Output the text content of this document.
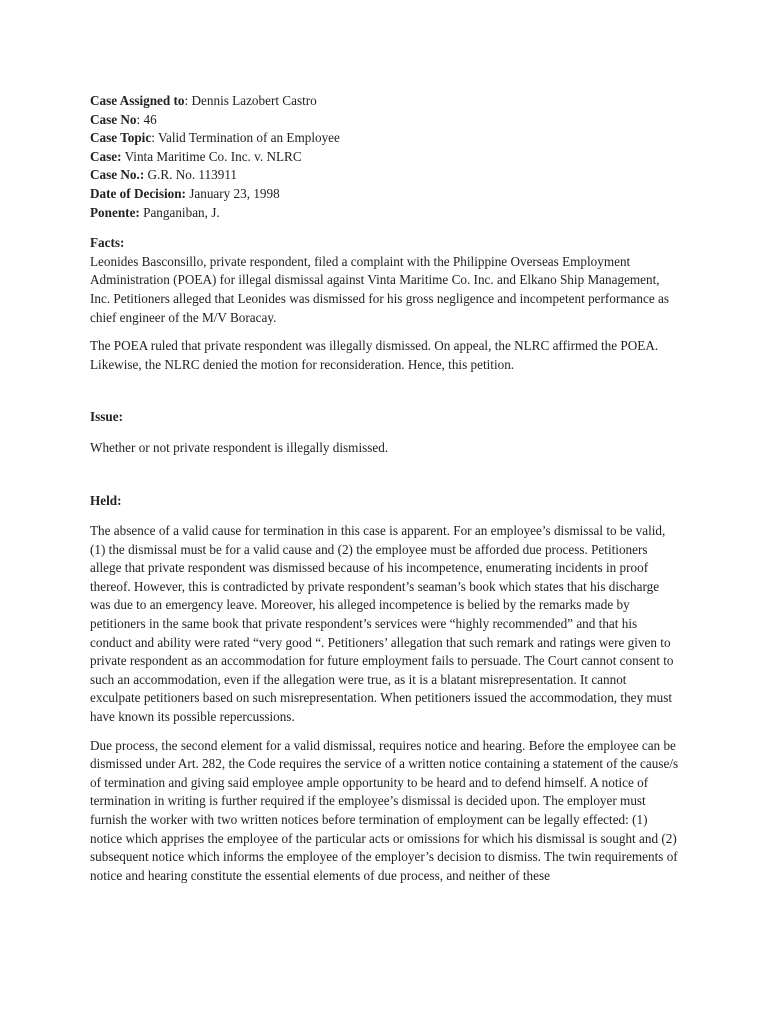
Case Assigned to: Dennis Lazobert Castro
Case No: 46
Case Topic: Valid Termination of an Employee
Case: Vinta Maritime Co. Inc. v. NLRC
Case No.: G.R. No. 113911
Date of Decision: January 23, 1998
Ponente: Panganiban, J.
Facts:

Leonides Basconsillo, private respondent, filed a complaint with the Philippine Overseas Employment Administration (POEA) for illegal dismissal against Vinta Maritime Co. Inc. and Elkano Ship Management, Inc. Petitioners alleged that Leonides was dismissed for his gross negligence and incompetent performance as chief engineer of the M/V Boracay.

The POEA ruled that private respondent was illegally dismissed. On appeal, the NLRC affirmed the POEA. Likewise, the NLRC denied the motion for reconsideration. Hence, this petition.

Issue:

Whether or not private respondent is illegally dismissed.

Held:

The absence of a valid cause for termination in this case is apparent. For an employee’s dismissal to be valid, (1) the dismissal must be for a valid cause and (2) the employee must be afforded due process. Petitioners allege that private respondent was dismissed because of his incompetence, enumerating incidents in proof thereof. However, this is contradicted by private respondent’s seaman’s book which states that his discharge was due to an emergency leave. Moreover, his alleged incompetence is belied by the remarks made by petitioners in the same book that private respondent’s services were “highly recommended” and that his conduct and ability were rated “very good “. Petitioners’ allegation that such remark and ratings were given to private respondent as an accommodation for future employment fails to persuade. The Court cannot consent to such an accommodation, even if the allegation were true, as it is a blatant misrepresentation. It cannot exculpate petitioners based on such misrepresentation. When petitioners issued the accommodation, they must have known its possible repercussions.

Due process, the second element for a valid dismissal, requires notice and hearing. Before the employee can be dismissed under Art. 282, the Code requires the service of a written notice containing a statement of the cause/s of termination and giving said employee ample opportunity to be heard and to defend himself. A notice of termination in writing is further required if the employee’s dismissal is decided upon. The employer must furnish the worker with two written notices before termination of employment can be legally effected: (1) notice which apprises the employee of the particular acts or omissions for which his dismissal is sought and (2) subsequent notice which informs the employee of the employer’s decision to dismiss. The twin requirements of notice and hearing constitute the essential elements of due process, and neither of these
